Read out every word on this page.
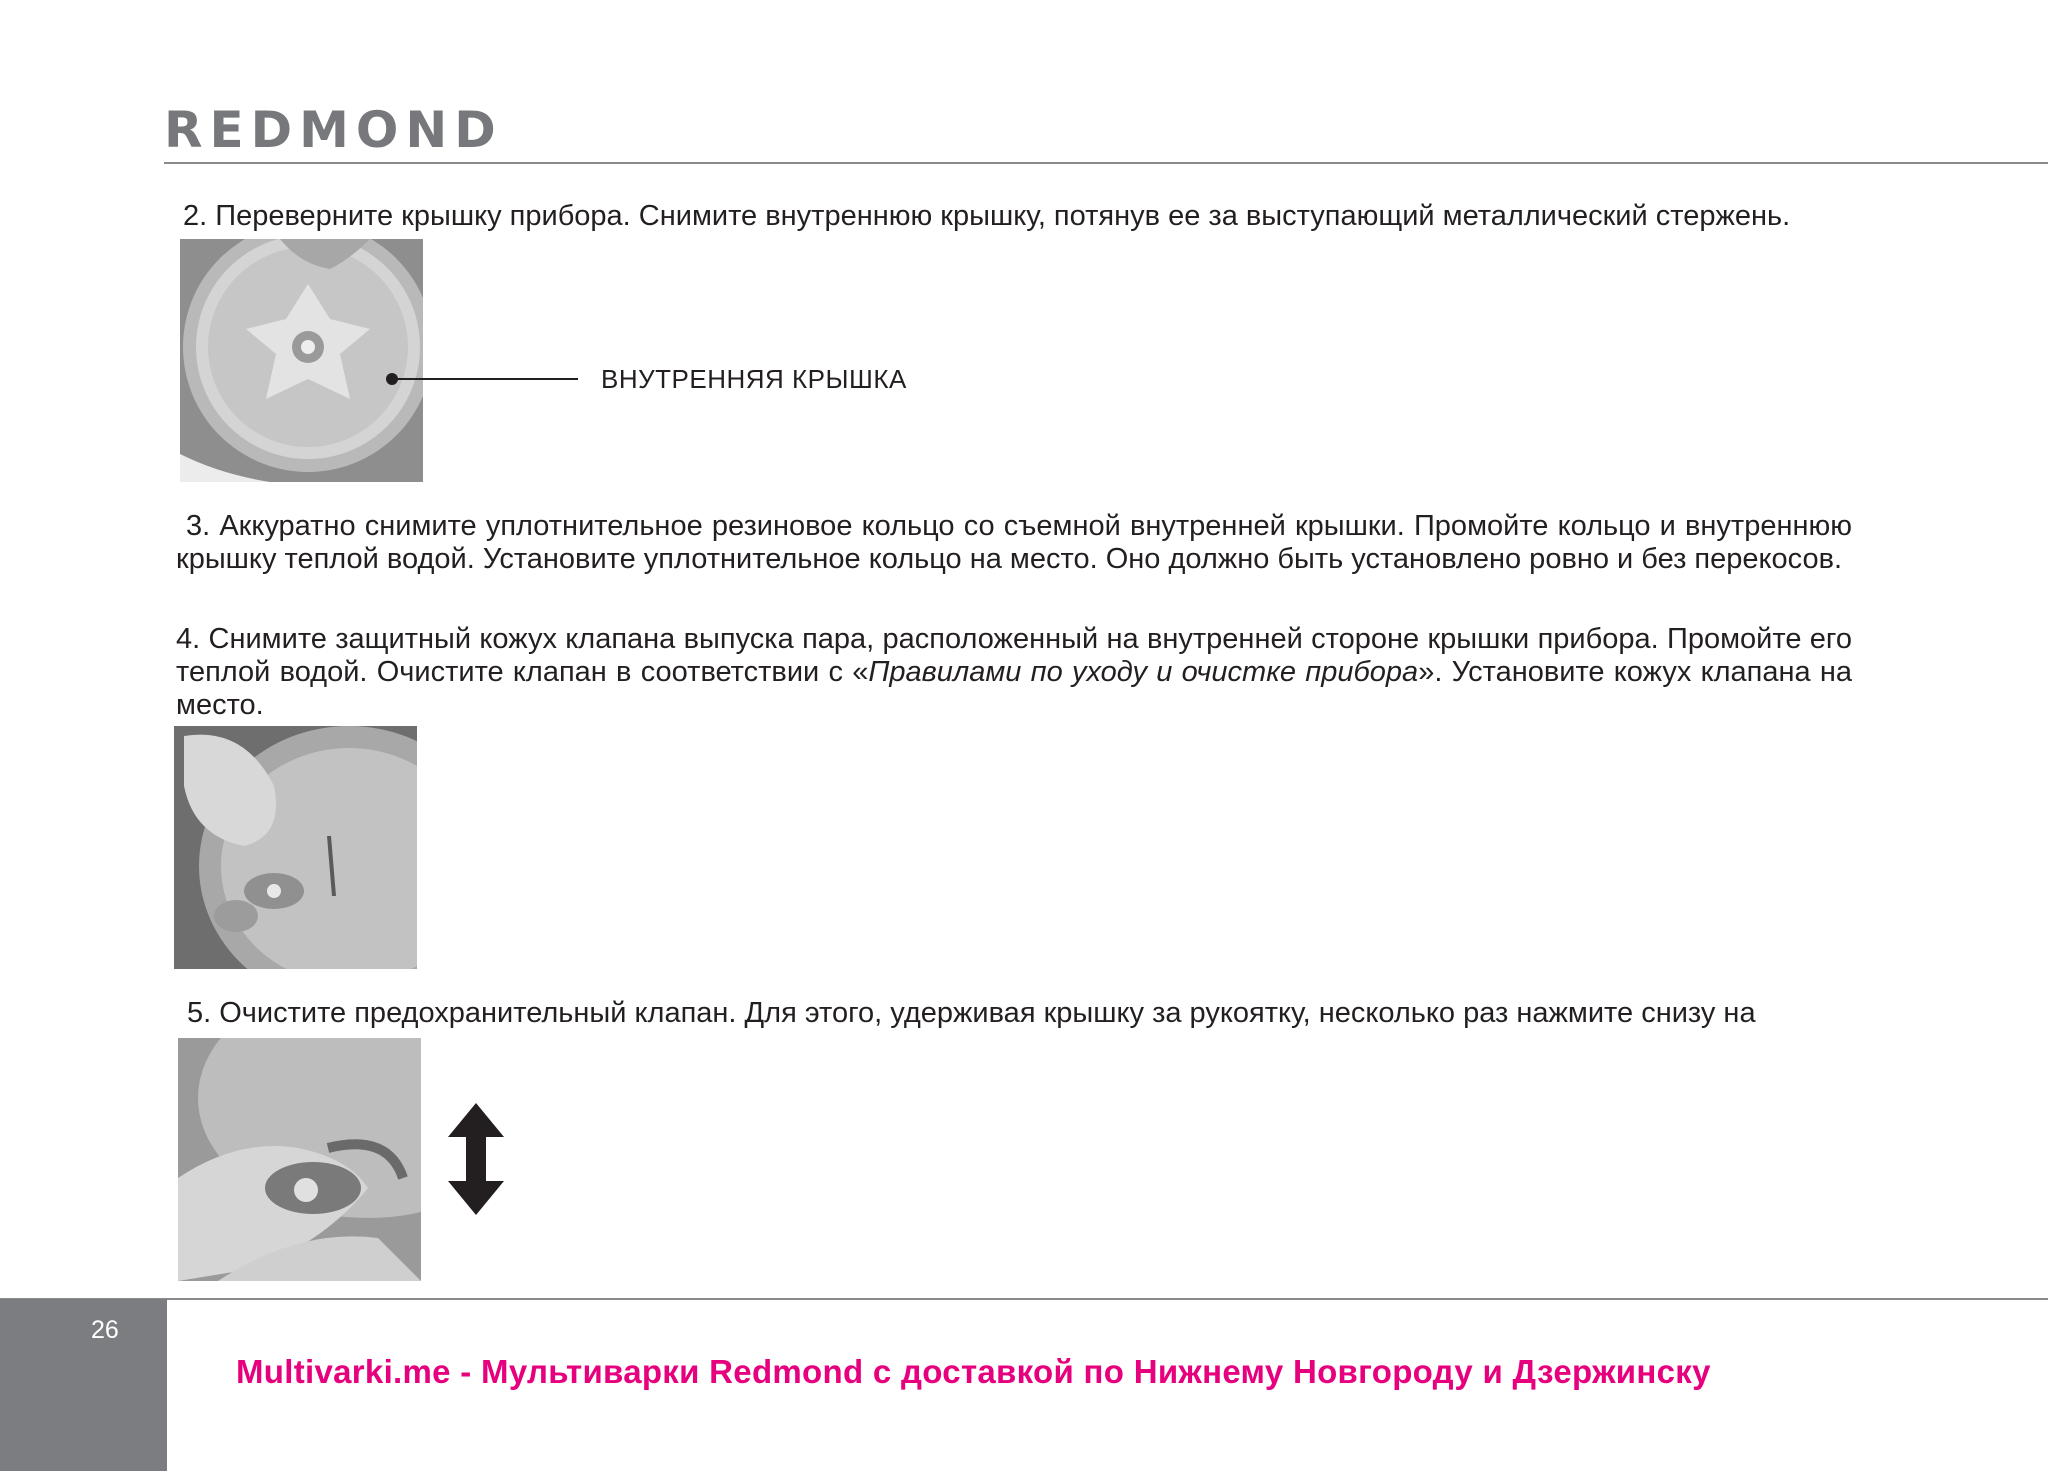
REDMOND

2. Переверните крышку прибора. Снимите внутреннюю крышку, потянув ее за выступающий металлический стержень.

ВНУТРЕННЯЯ КРЫШКА

3. Аккуратно снимите уплотнительное резиновое кольцо со съемной внутренней крышки. Промойте кольцо и внутреннюю крышку теплой водой. Установите уплотнительное кольцо на место. Оно должно быть установлено ровно и без перекосов.

4. Снимите защитный кожух клапана выпуска пара, расположенный на внутренней стороне крышки прибора. Промойте его теплой водой. Очистите клапан в соответствии с «Правилами по уходу и очистке прибора». Установите кожух клапана на место.

5. Очистите предохранительный клапан. Для этого, удерживая крышку за рукоятку, несколько раз нажмите снизу на

26
Multivarki.me - Мультиварки Redmond с доставкой по Нижнему Новгороду и Дзержинску
